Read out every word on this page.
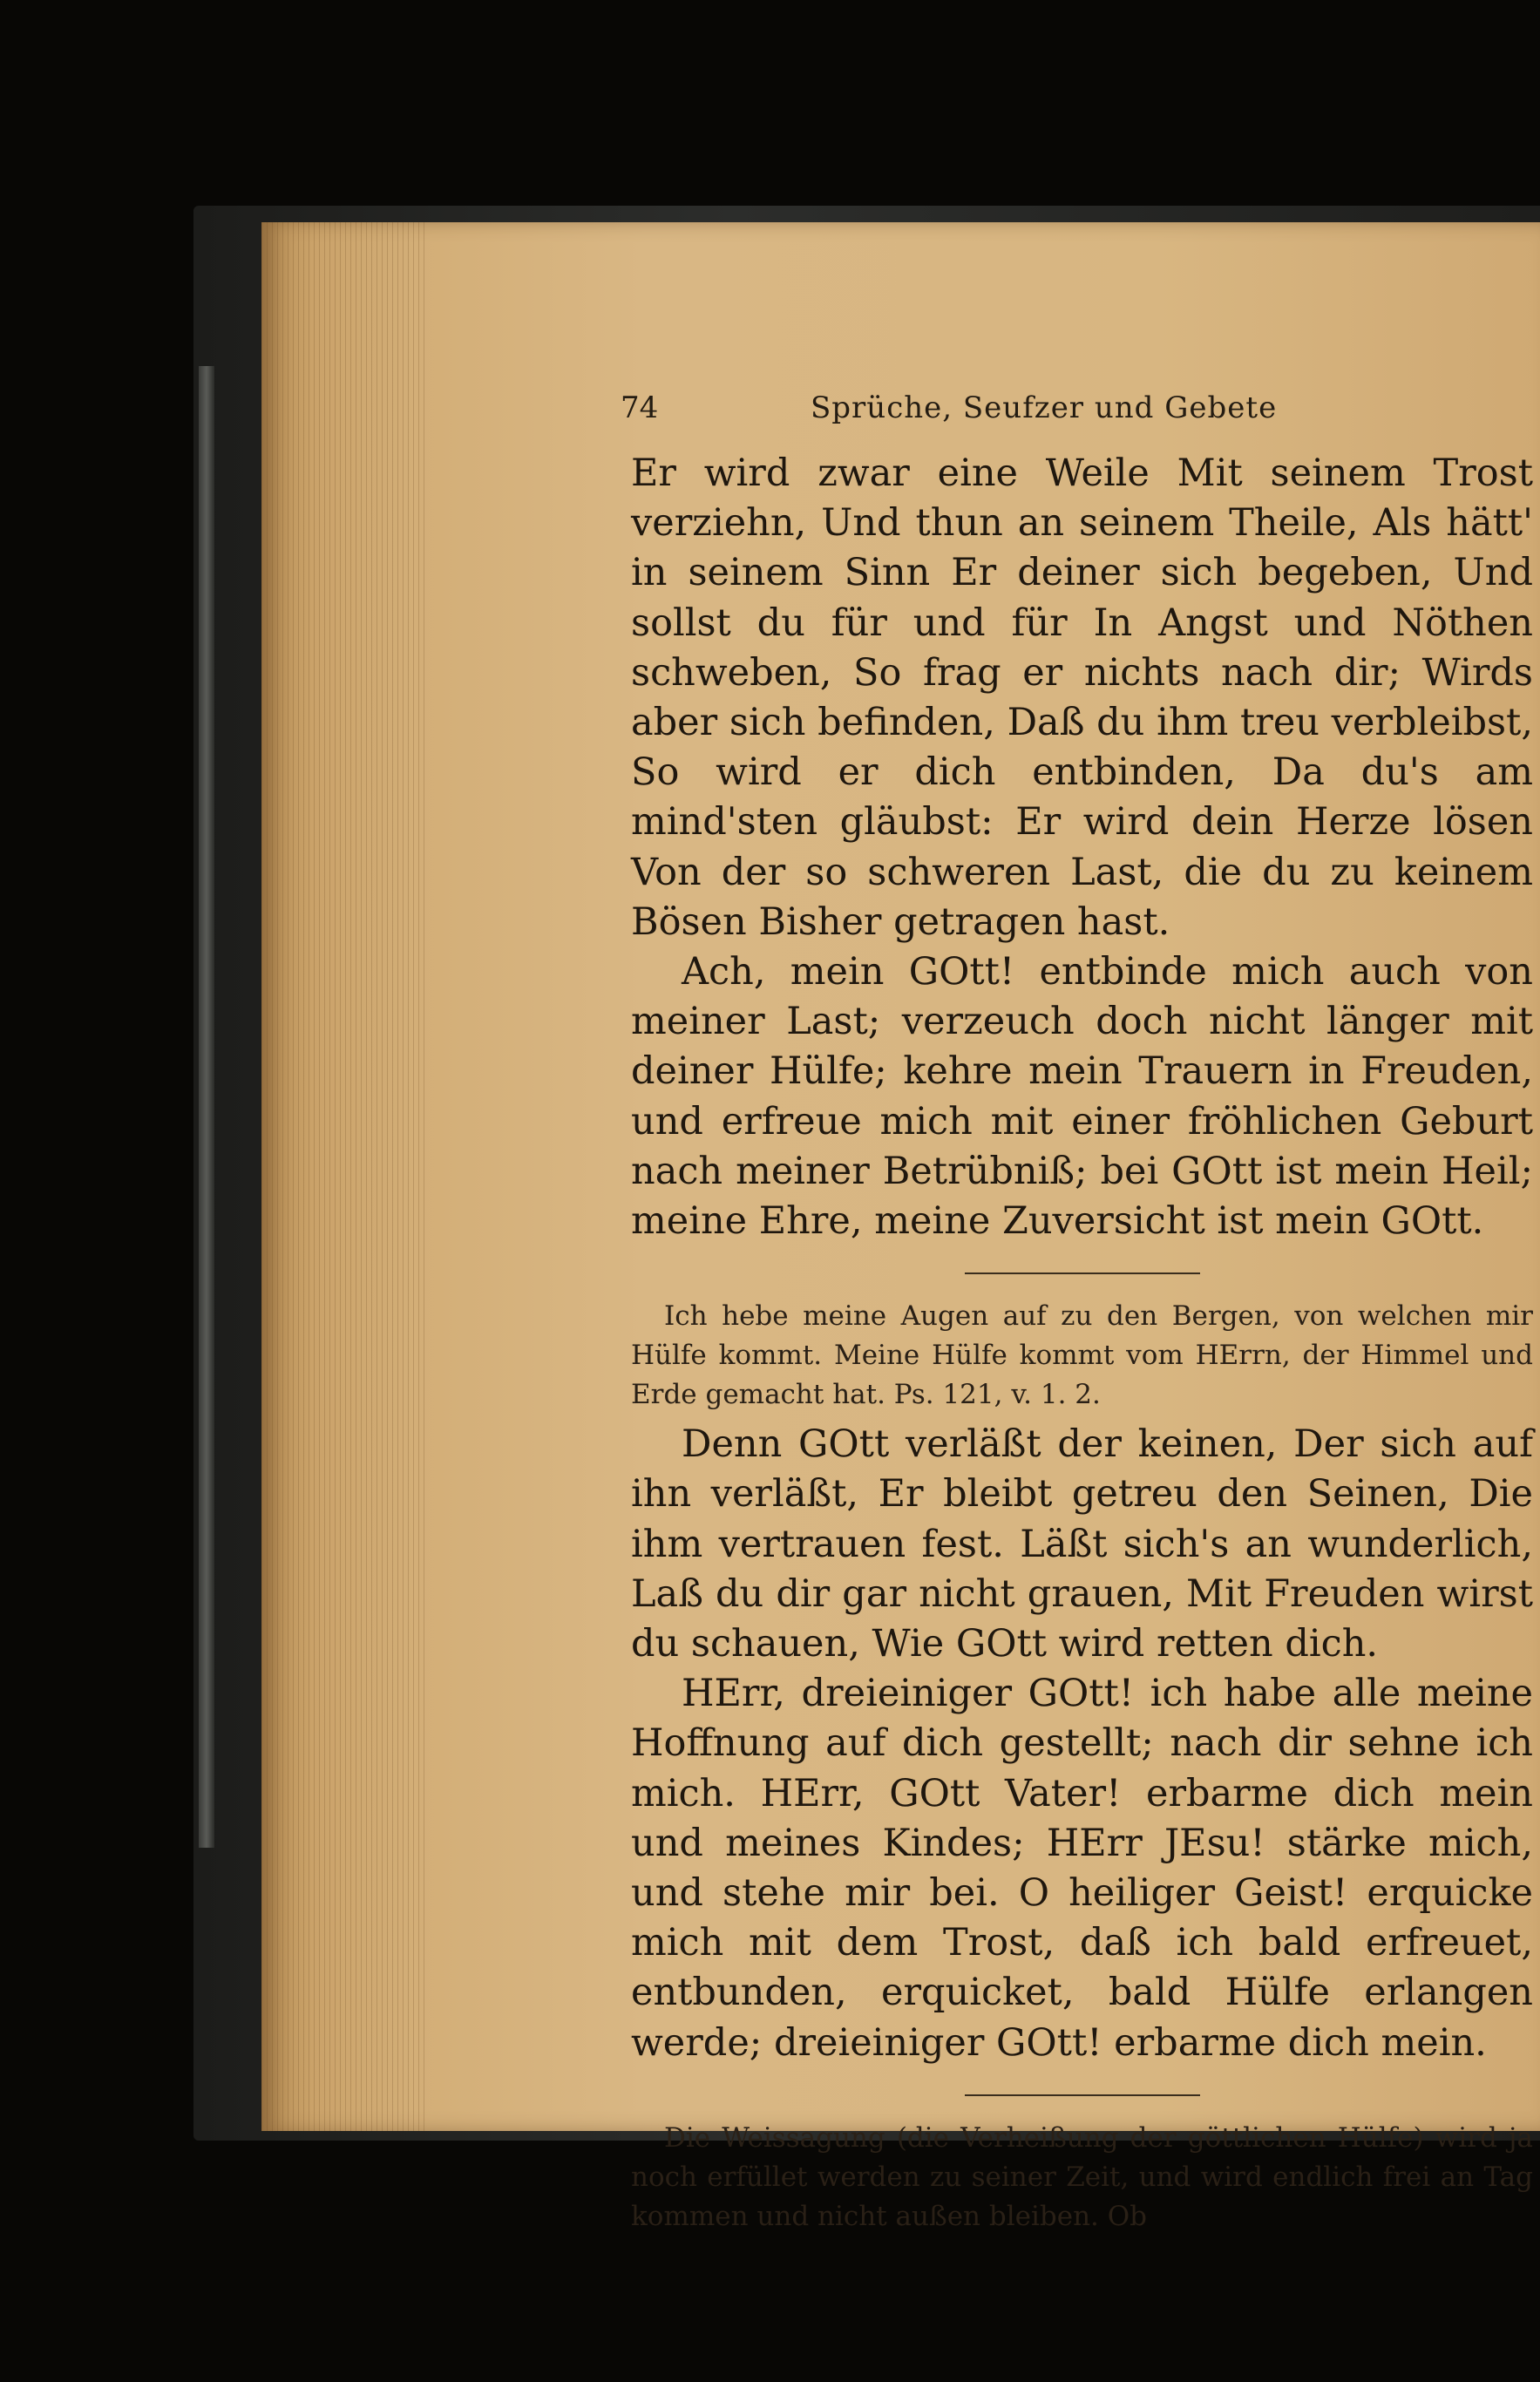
74	Sprüche, Seufzer und Gebete

Er wird zwar eine Weile Mit seinem Trost verziehn, Und thun an seinem Theile, Als hätt' in seinem Sinn Er deiner sich begeben, Und sollst du für und für In Angst und Nöthen schweben, So frag er nichts nach dir; Wirds aber sich befinden, Daß du ihm treu verbleibst, So wird er dich entbinden, Da du's am mind'sten gläubst: Er wird dein Herze lösen Von der so schweren Last, die du zu keinem Bösen Bisher getragen hast.

Ach, mein GOtt! entbinde mich auch von meiner Last; verzeuch doch nicht länger mit deiner Hülfe; kehre mein Trauern in Freuden, und erfreue mich mit einer fröhlichen Geburt nach meiner Betrübniß; bei GOtt ist mein Heil; meine Ehre, meine Zuversicht ist mein GOtt.

Ich hebe meine Augen auf zu den Bergen, von welchen mir Hülfe kommt. Meine Hülfe kommt vom HErrn, der Himmel und Erde gemacht hat. Ps. 121, v. 1. 2.

Denn GOtt verläßt der keinen, Der sich auf ihn verläßt, Er bleibt getreu den Seinen, Die ihm vertrauen fest. Läßt sich's an wunderlich, Laß du dir gar nicht grauen, Mit Freuden wirst du schauen, Wie GOtt wird retten dich.

HErr, dreieiniger GOtt! ich habe alle meine Hoffnung auf dich gestellt; nach dir sehne ich mich. HErr, GOtt Vater! erbarme dich mein und meines Kindes; HErr JEsu! stärke mich, und stehe mir bei. O heiliger Geist! erquicke mich mit dem Trost, daß ich bald erfreuet, entbunden, erquicket, bald Hülfe erlangen werde; dreieiniger GOtt! erbarme dich mein.

Die Weissagung (die Verheißung der göttlichen Hülfe) wird ja noch erfüllet werden zu seiner Zeit, und wird endlich frei an Tag kommen und nicht außen bleiben. Ob
